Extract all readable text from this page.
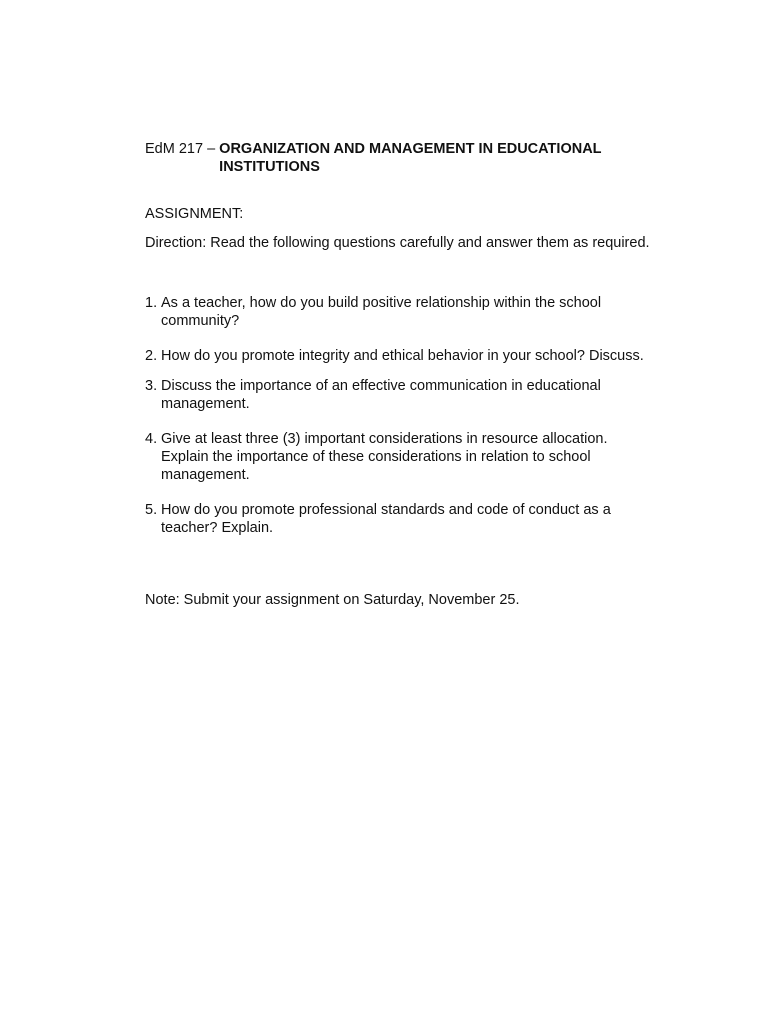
EdM 217 – ORGANIZATION AND MANAGEMENT IN EDUCATIONAL INSTITUTIONS
ASSIGNMENT:
Direction: Read the following questions carefully and answer them as required.
1. As a teacher, how do you build positive relationship within the school
community?
2. How do you promote integrity and ethical behavior in your school? Discuss.
3. Discuss the importance of an effective communication in educational
management.
4. Give at least three (3) important considerations in resource allocation.
Explain the importance of these considerations in relation to school
management.
5. How do you promote professional standards and code of conduct as a
teacher? Explain.
Note: Submit your assignment on Saturday, November 25.
